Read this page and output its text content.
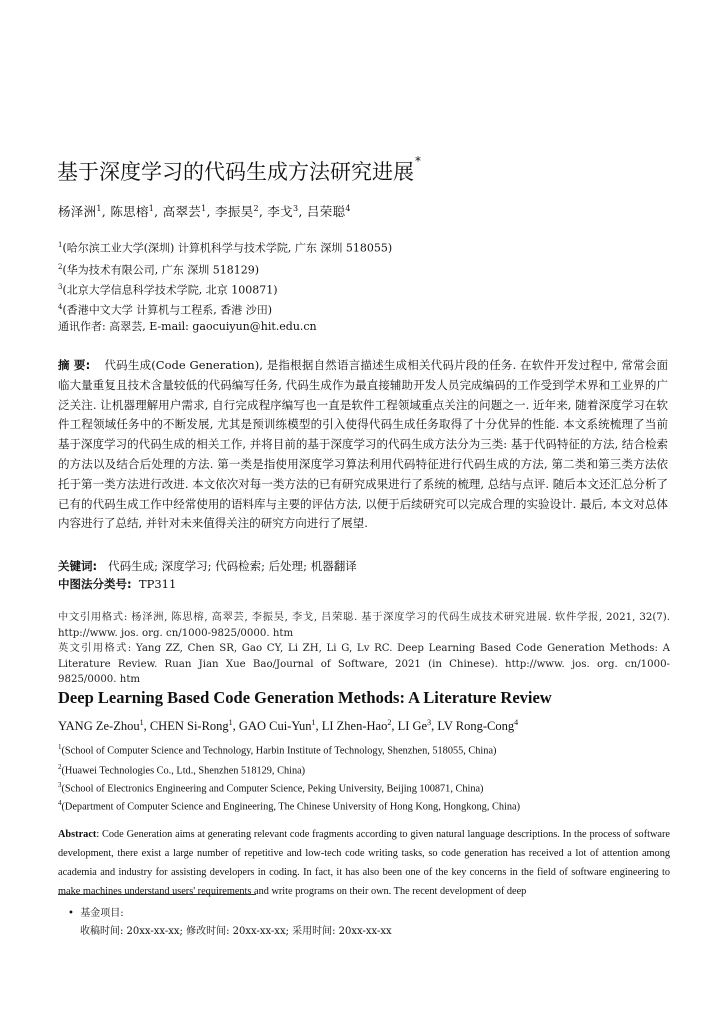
基于深度学习的代码生成方法研究进展*
杨泽洲$^1$, 陈思榕$^1$, 高翠芸$^1$, 李振昊$^2$, 李戈$^3$, 吕荣聪$^4$
$^1$(哈尔滨工业大学(深圳) 计算机科学与技术学院, 广东 深圳 518055)
$^2$(华为技术有限公司, 广东 深圳 518129)
$^3$(北京大学信息科学技术学院, 北京 100871)
$^4$(香港中文大学 计算机与工程系, 香港 沙田)
通讯作者: 高翠芸, E-mail: gaocuiyun@hit.edu.cn
摘 要: 代码生成(Code Generation), 是指根据自然语言描述生成相关代码片段的任务. 在软件开发过程中, 常常会面临大量重复且技术含量较低的代码编写任务, 代码生成作为最直接辅助开发人员完成编码的工作受到学术界和工业界的广泛关注. 让机器理解用户需求, 自行完成程序编写也一直是软件工程领域重点关注的问题之一. 近年来, 随着深度学习在软件工程领域任务中的不断发展, 尤其是预训练模型的引入使得代码生成任务取得了十分优异的性能. 本文系统梳理了当前基于深度学习的代码生成的相关工作, 并将目前的基于深度学习的代码生成方法分为三类: 基于代码特征的方法, 结合检索的方法以及结合后处理的方法. 第一类是指使用深度学习算法利用代码特征进行代码生成的方法, 第二类和第三类方法依托于第一类方法进行改进. 本文依次对每一类方法的已有研究成果进行了系统的梳理, 总结与点评. 随后本文还汇总分析了已有的代码生成工作中经常使用的语料库与主要的评估方法, 以便于后续研究可以完成合理的实验设计. 最后, 本文对总体内容进行了总结, 并针对未来值得关注的研究方向进行了展望.
关键词: 代码生成; 深度学习; 代码检索; 后处理; 机器翻译
中图法分类号: TP311
中文引用格式: 杨泽洲, 陈思榕, 高翠芸, 李振昊, 李戈, 吕荣聪. 基于深度学习的代码生成技术研究进展. 软件学报, 2021, 32(7). http://www. jos. org. cn/1000-9825/0000. htm
英文引用格式: Yang ZZ, Chen SR, Gao CY, Li ZH, Li G, Lv RC. Deep Learning Based Code Generation Methods: A Literature Review. Ruan Jian Xue Bao/Journal of Software, 2021 (in Chinese). http://www. jos. org. cn/1000-9825/0000. htm
Deep Learning Based Code Generation Methods: A Literature Review
YANG Ze-Zhou$^1$, CHEN Si-Rong$^1$, GAO Cui-Yun$^1$, LI Zhen-Hao$^2$, LI Ge$^3$, LV Rong-Cong$^4$
$^1$(School of Computer Science and Technology, Harbin Institute of Technology, Shenzhen, 518055, China)
$^2$(Huawei Technologies Co., Ltd., Shenzhen 518129, China)
$^3$(School of Electronics Engineering and Computer Science, Peking University, Beijing 100871, China)
$^4$(Department of Computer Science and Engineering, The Chinese University of Hong Kong, Hongkong, China)
Abstract: Code Generation aims at generating relevant code fragments according to given natural language descriptions. In the process of software development, there exist a large number of repetitive and low-tech code writing tasks, so code generation has received a lot of attention among academia and industry for assisting developers in coding. In fact, it has also been one of the key concerns in the field of software engineering to make machines understand users' requirements and write programs on their own. The recent development of deep
• 基金项目:
收稿时间: 20xx-xx-xx; 修改时间: 20xx-xx-xx; 采用时间: 20xx-xx-xx
